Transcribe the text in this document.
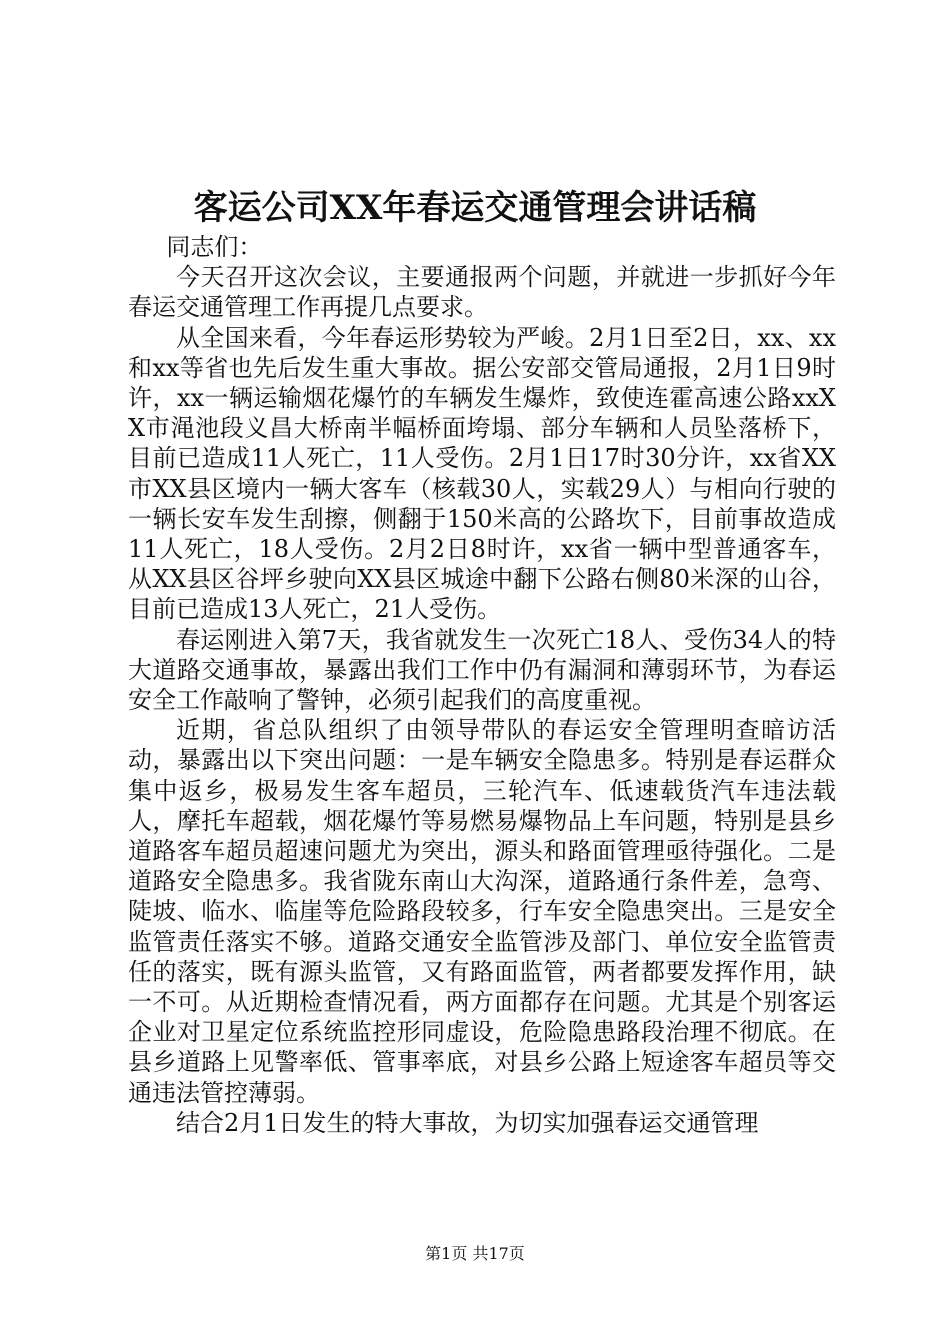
客运公司XX年春运交通管理会讲话稿

同志们：

今天召开这次会议，主要通报两个问题，并就进一步抓好今年春运交通管理工作再提几点要求。

从全国来看，今年春运形势较为严峻。2月1日至2日，xx、xx和xx等省也先后发生重大事故。据公安部交管局通报，2月1日9时许，xx一辆运输烟花爆竹的车辆发生爆炸，致使连霍高速公路xxXX市渑池段义昌大桥南半幅桥面垮塌、部分车辆和人员坠落桥下，目前已造成11人死亡，11人受伤。2月1日17时30分许，xx省XX市XX县区境内一辆大客车（核载30人，实载29人）与相向行驶的一辆长安车发生刮擦，侧翻于150米高的公路坎下，目前事故造成11人死亡，18人受伤。2月2日8时许，xx省一辆中型普通客车，从XX县区谷坪乡驶向XX县区城途中翻下公路右侧80米深的山谷，目前已造成13人死亡，21人受伤。

春运刚进入第7天，我省就发生一次死亡18人、受伤34人的特大道路交通事故，暴露出我们工作中仍有漏洞和薄弱环节，为春运安全工作敲响了警钟，必须引起我们的高度重视。

近期，省总队组织了由领导带队的春运安全管理明查暗访活动，暴露出以下突出问题：一是车辆安全隐患多。特别是春运群众集中返乡，极易发生客车超员，三轮汽车、低速载货汽车违法载人，摩托车超载，烟花爆竹等易燃易爆物品上车问题，特别是县乡道路客车超员超速问题尤为突出，源头和路面管理亟待强化。二是道路安全隐患多。我省陇东南山大沟深，道路通行条件差，急弯、陡坡、临水、临崖等危险路段较多，行车安全隐患突出。三是安全监管责任落实不够。道路交通安全监管涉及部门、单位安全监管责任的落实，既有源头监管，又有路面监管，两者都要发挥作用，缺一不可。从近期检查情况看，两方面都存在问题。尤其是个别客运企业对卫星定位系统监控形同虚设，危险隐患路段治理不彻底。在县乡道路上见警率低、管事率底，对县乡公路上短途客车超员等交通违法管控薄弱。

结合2月1日发生的特大事故，为切实加强春运交通管理

第1页 共17页
